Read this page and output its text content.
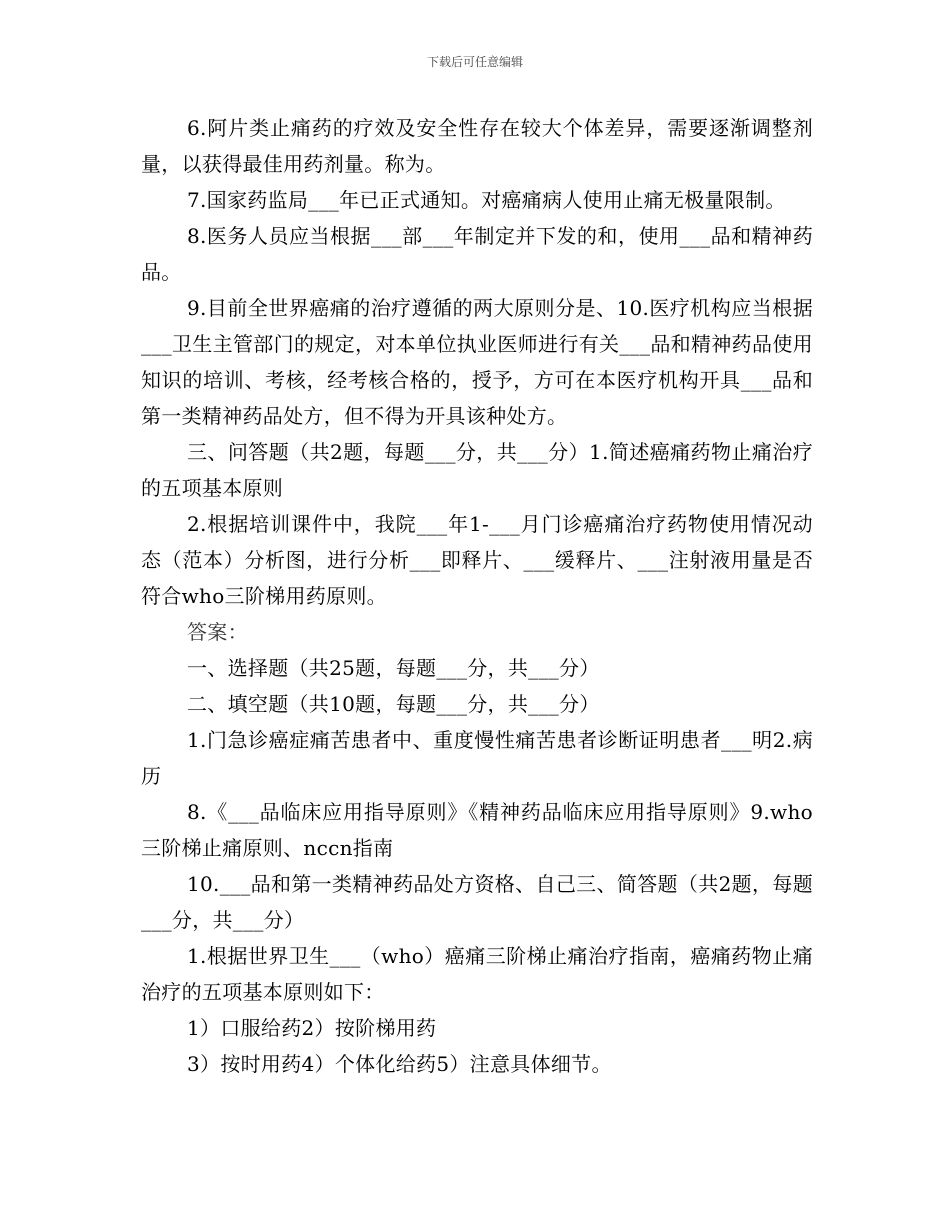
下载后可任意编辑

6.阿片类止痛药的疗效及安全性存在较大个体差异，需要逐渐调整剂量，以获得最佳用药剂量。称为。

7.国家药监局___年已正式通知。对癌痛病人使用止痛无极量限制。

8.医务人员应当根据___部___年制定并下发的和，使用___品和精神药品。

9.目前全世界癌痛的治疗遵循的两大原则分是、10.医疗机构应当根据___卫生主管部门的规定，对本单位执业医师进行有关___品和精神药品使用知识的培训、考核，经考核合格的，授予，方可在本医疗机构开具___品和第一类精神药品处方，但不得为开具该种处方。

三、问答题（共2题，每题___分，共___分）1.简述癌痛药物止痛治疗的五项基本原则

2.根据培训课件中，我院___年1-___月门诊癌痛治疗药物使用情况动态（范本）分析图，进行分析___即释片、___缓释片、___注射液用量是否符合who三阶梯用药原则。

答案：

一、选择题（共25题，每题___分，共___分）

二、填空题（共10题，每题___分，共___分）

1.门急诊癌症痛苦患者中、重度慢性痛苦患者诊断证明患者___明2.病历

8.《___品临床应用指导原则》《精神药品临床应用指导原则》9.who三阶梯止痛原则、nccn指南

10.___品和第一类精神药品处方资格、自己三、简答题（共2题，每题___分，共___分）

1.根据世界卫生___（who）癌痛三阶梯止痛治疗指南，癌痛药物止痛治疗的五项基本原则如下：

1）口服给药2）按阶梯用药

3）按时用药4）个体化给药5）注意具体细节。
